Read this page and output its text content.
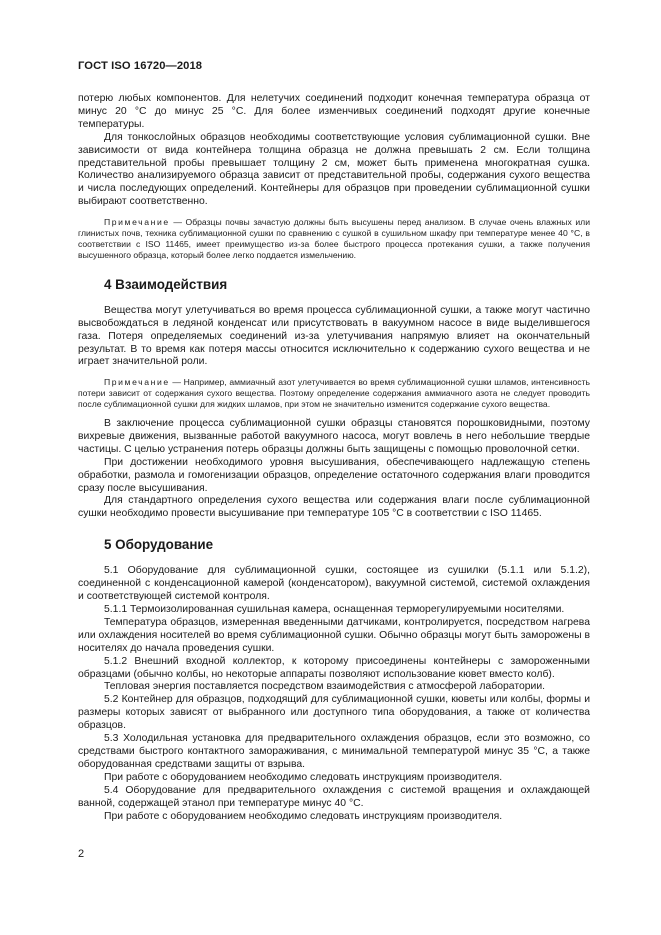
ГОСТ ISO 16720—2018

потерю любых компонентов. Для нелетучих соединений подходит конечная температура образца от минус 20 °С до минус 25 °С. Для более изменчивых соединений подходят другие конечные температуры.

Для тонкослойных образцов необходимы соответствующие условия сублимационной сушки. Вне зависимости от вида контейнера толщина образца не должна превышать 2 см. Если толщина представительной пробы превышает толщину 2 см, может быть применена многократная сушка. Количество анализируемого образца зависит от представительной пробы, содержания сухого вещества и числа последующих определений. Контейнеры для образцов при проведении сублимационной сушки выбирают соответственно.

Примечание — Образцы почвы зачастую должны быть высушены перед анализом. В случае очень влажных или глинистых почв, техника сублимационной сушки по сравнению с сушкой в сушильном шкафу при температуре менее 40 °С, в соответствии с ISO 11465, имеет преимущество из-за более быстрого процесса протекания сушки, а также получения высушенного образца, который более легко поддается измельчению.
4 Взаимодействия

Вещества могут улетучиваться во время процесса сублимационной сушки, а также могут частично высвобождаться в ледяной конденсат или присутствовать в вакуумном насосе в виде выделившегося газа. Потеря определяемых соединений из-за улетучивания напрямую влияет на окончательный результат. В то время как потеря массы относится исключительно к содержанию сухого вещества и не играет значительной роли.

Примечание — Например, аммиачный азот улетучивается во время сублимационной сушки шламов, интенсивность потери зависит от содержания сухого вещества. Поэтому определение содержания аммиачного азота не следует проводить после сублимационной сушки для жидких шламов, при этом не значительно изменится содержание сухого вещества.

В заключение процесса сублимационной сушки образцы становятся порошковидными, поэтому вихревые движения, вызванные работой вакуумного насоса, могут вовлечь в него небольшие твердые частицы. С целью устранения потерь образцы должны быть защищены с помощью проволочной сетки.

При достижении необходимого уровня высушивания, обеспечивающего надлежащую степень обработки, размола и гомогенизации образцов, определение остаточного содержания влаги проводится сразу после высушивания.

Для стандартного определения сухого вещества или содержания влаги после сублимационной сушки необходимо провести высушивание при температуре 105 °С в соответствии с ISO 11465.

5 Оборудование

5.1 Оборудование для сублимационной сушки, состоящее из сушилки (5.1.1 или 5.1.2), соединенной с конденсационной камерой (конденсатором), вакуумной системой, системой охлаждения и соответствующей системой контроля.

5.1.1 Термоизолированная сушильная камера, оснащенная терморегулируемыми носителями.

Температура образцов, измеренная введенными датчиками, контролируется, посредством нагрева или охлаждения носителей во время сублимационной сушки. Обычно образцы могут быть заморожены в носителях до начала проведения сушки.

5.1.2 Внешний входной коллектор, к которому присоединены контейнеры с замороженными образцами (обычно колбы, но некоторые аппараты позволяют использование кювет вместо колб).

Тепловая энергия поставляется посредством взаимодействия с атмосферой лаборатории.

5.2 Контейнер для образцов, подходящий для сублимационной сушки, кюветы или колбы, формы и размеры которых зависят от выбранного или доступного типа оборудования, а также от количества образцов.

5.3 Холодильная установка для предварительного охлаждения образцов, если это возможно, со средствами быстрого контактного замораживания, с минимальной температурой минус 35 °С, а также оборудованная средствами защиты от взрыва.

При работе с оборудованием необходимо следовать инструкциям производителя.

5.4 Оборудование для предварительного охлаждения с системой вращения и охлаждающей ванной, содержащей этанол при температуре минус 40 °С.

При работе с оборудованием необходимо следовать инструкциям производителя.

2
